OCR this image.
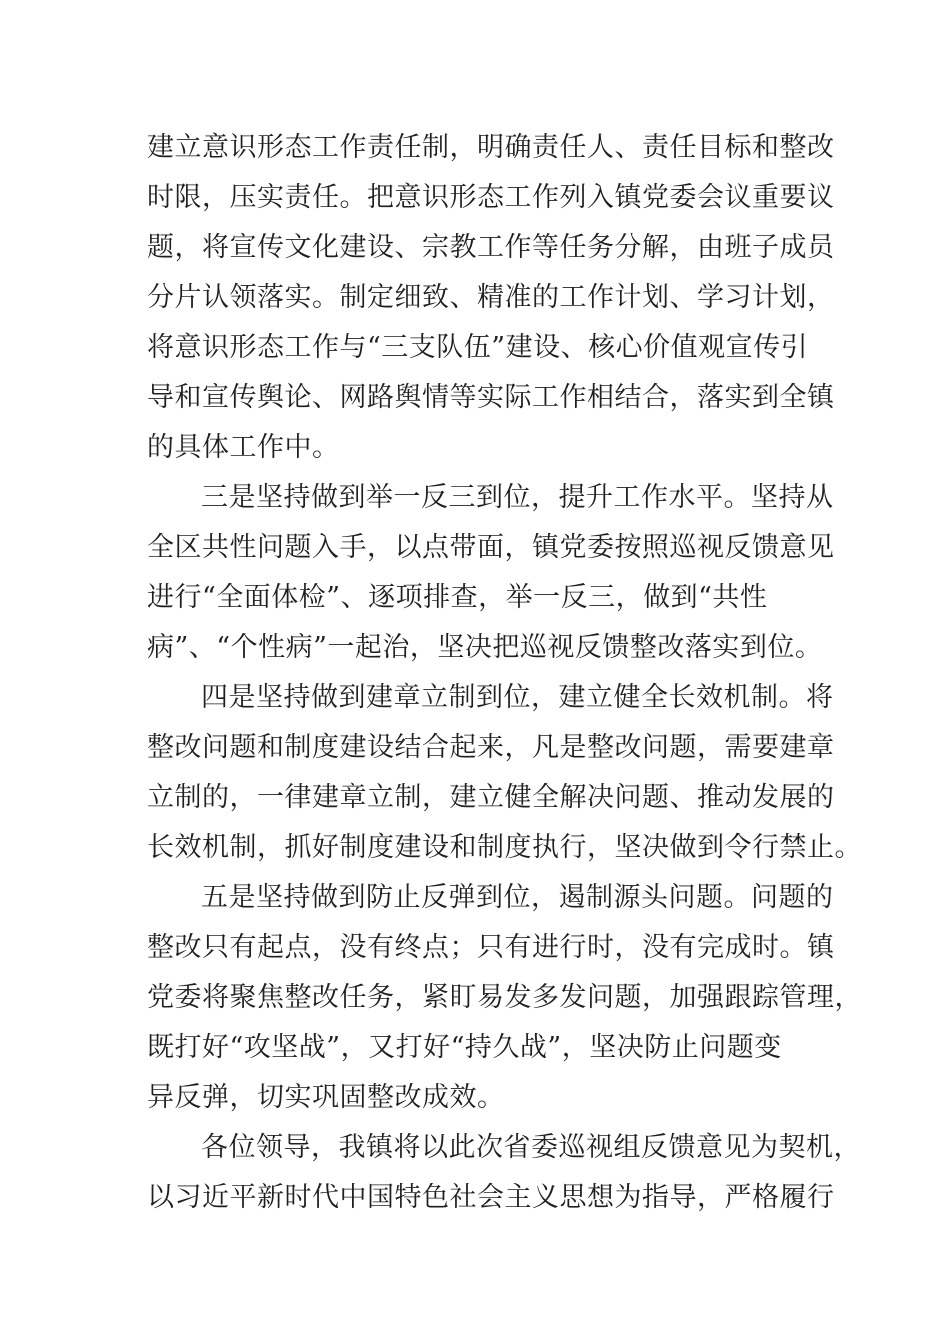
建立意识形态工作责任制，明确责任人、责任目标和整改
时限，压实责任。把意识形态工作列入镇党委会议重要议
题，将宣传文化建设、宗教工作等任务分解，由班子成员
分片认领落实。制定细致、精准的工作计划、学习计划，
将意识形态工作与“三支队伍”建设、核心价值观宣传引
导和宣传舆论、网路舆情等实际工作相结合，落实到全镇
的具体工作中。
三是坚持做到举一反三到位，提升工作水平。坚持从
全区共性问题入手，以点带面，镇党委按照巡视反馈意见
进行“全面体检”、逐项排查，举一反三，做到“共性
病”、“个性病”一起治，坚决把巡视反馈整改落实到位。
四是坚持做到建章立制到位，建立健全长效机制。将
整改问题和制度建设结合起来，凡是整改问题，需要建章
立制的，一律建章立制，建立健全解决问题、推动发展的
长效机制，抓好制度建设和制度执行，坚决做到令行禁止。
五是坚持做到防止反弹到位，遏制源头问题。问题的
整改只有起点，没有终点；只有进行时，没有完成时。镇
党委将聚焦整改任务，紧盯易发多发问题，加强跟踪管理，
既打好“攻坚战”，又打好“持久战”，坚决防止问题变
异反弹，切实巩固整改成效。
各位领导，我镇将以此次省委巡视组反馈意见为契机，
以习近平新时代中国特色社会主义思想为指导，严格履行
